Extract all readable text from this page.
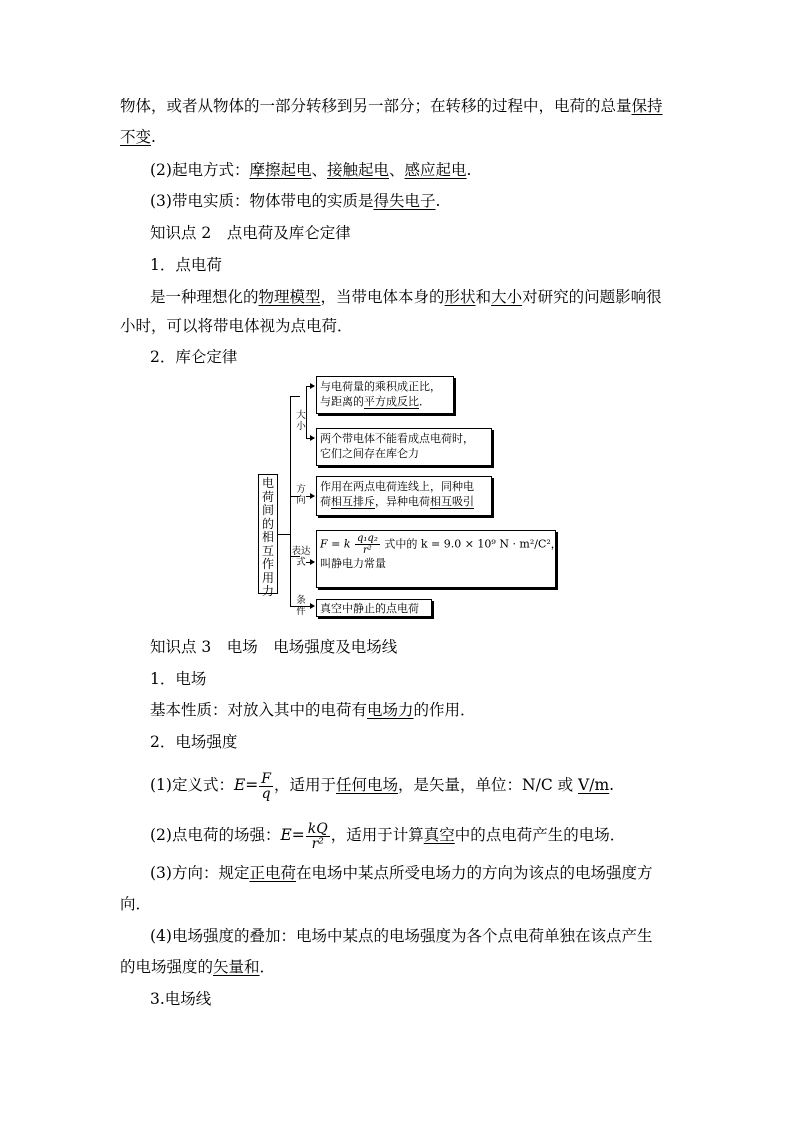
物体，或者从物体的一部分转移到另一部分；在转移的过程中，电荷的总量保持
不变.
(2)起电方式：摩擦起电、接触起电、感应起电.
(3)带电实质：物体带电的实质是得失电子.
知识点 2　点电荷及库仑定律
1．点电荷
是一种理想化的物理模型，当带电体本身的形状和大小对研究的问题影响很
小时，可以将带电体视为点电荷．
2．库仑定律
电荷间的相互作用力
大小
方向
表达式
条件
与电荷量的乘积成正比，
与距离的平方成反比．
两个带电体不能看成点电荷时，
它们之间存在库仑力
作用在两点电荷连线上，同种电
荷相互排斥，异种电荷相互吸引
F = k $\frac{\text{q₁q₂}}{\text{r²}}$ 式中的 k = 9.0 × 10⁹ N · m²/C²，
叫静电力常量
真空中静止的点电荷
知识点 3　电场　电场强度及电场线
1．电场
基本性质：对放入其中的电荷有电场力的作用．
2．电场强度
(1)定义式：$E= \frac{F}{q}$ ，适用于任何电场，是矢量，单位：N/C 或 V/m.
(2)点电荷的场强：$E= \frac{kQ}{\text{r²}}$ ，适用于计算真空中的点电荷产生的电场．
(3)方向：规定正电荷在电场中某点所受电场力的方向为该点的电场强度方
向．
(4)电场强度的叠加：电场中某点的电场强度为各个点电荷单独在该点产生
的电场强度的矢量和．
3.电场线
